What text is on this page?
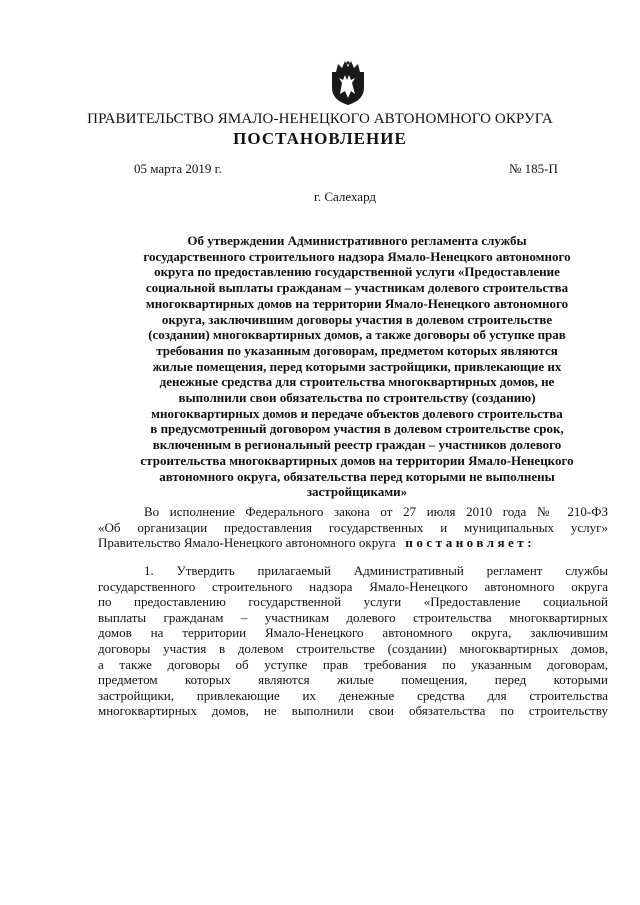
ПРАВИТЕЛЬСТВО ЯМАЛО-НЕНЕЦКОГО АВТОНОМНОГО ОКРУГА
ПОСТАНОВЛЕНИЕ
05 марта 2019 г.	№ 185-П
г. Салехард
Об утверждении Административного регламента службы
государственного строительного надзора Ямало-Ненецкого автономного
округа по предоставлению государственной услуги «Предоставление
социальной выплаты гражданам – участникам долевого строительства
многоквартирных домов на территории Ямало-Ненецкого автономного
округа, заключившим договоры участия в долевом строительстве
(создании) многоквартирных домов, а также договоры об уступке прав
требования по указанным договорам, предметом которых являются
жилые помещения, перед которыми застройщики, привлекающие их
денежные средства для строительства многоквартирных домов, не
выполнили свои обязательства по строительству (созданию)
многоквартирных домов и передаче объектов долевого строительства
в предусмотренный договором участия в долевом строительстве срок,
включенным в региональный реестр граждан – участников долевого
строительства многоквартирных домов на территории Ямало-Ненецкого
автономного округа, обязательства перед которыми не выполнены
застройщиками»
Во исполнение Федерального закона от 27 июля 2010 года № 210-ФЗ
«Об организации предоставления государственных и муниципальных услуг»
Правительство Ямало-Ненецкого автономного округа постановляет:
1. Утвердить прилагаемый Административный регламент службы
государственного строительного надзора Ямало-Ненецкого автономного округа
по предоставлению государственной услуги «Предоставление социальной
выплаты гражданам – участникам долевого строительства многоквартирных
домов на территории Ямало-Ненецкого автономного округа, заключившим
договоры участия в долевом строительстве (создании) многоквартирных домов,
а также договоры об уступке прав требования по указанным договорам,
предметом которых являются жилые помещения, перед которыми
застройщики, привлекающие их денежные средства для строительства
многоквартирных домов, не выполнили свои обязательства по строительству
